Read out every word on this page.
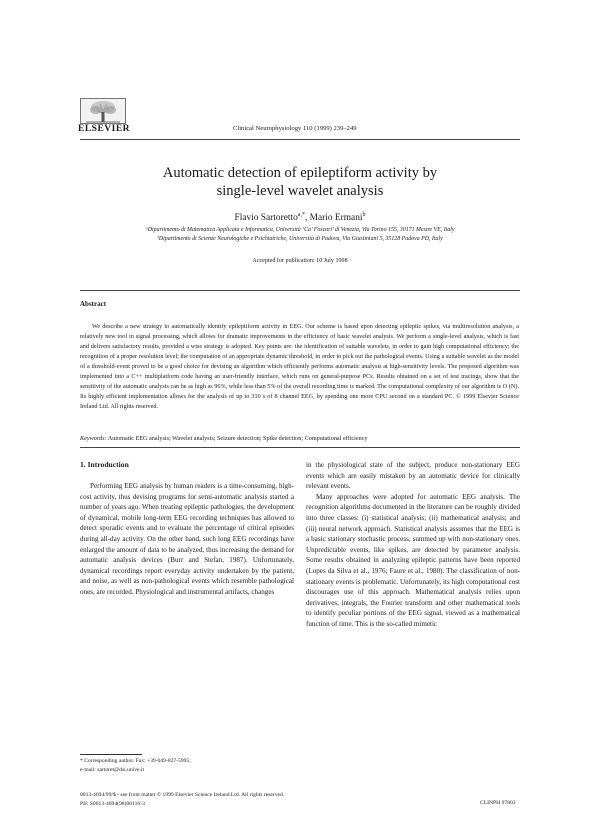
ELSEVIER	Clinical Neurophysiology 110 (1999) 239–249
Automatic detection of epileptiform activity by
single-level wavelet analysis
Flavio Sartoretto$^{a,*}$, Mario Ermani$^b$
ᵃDipartimento di Matematica Applicata e Informatica, Università ‘Ca’ Foscari’ di Venezia, Via Torino 155, 30171 Mestre VE, Italy
ᵇDipartimento di Scienze Neurologiche e Psichiatriche, Università di Padova, Via Giustiniani 5, 35128 Padova PD, Italy
Accepted for publication: 10 July 1998
Abstract
We describe a new strategy to automatically identify epileptiform activity in EEG. Our scheme is based upon detecting epileptic spikes, via multiresolution analysis, a relatively new tool in signal processing, which allows for dramatic improvements in the efficiency of basic wavelet analysis. We perform a single-level analysis, which is fast and delivers satisfactory results, provided a wise strategy is adopted. Key points are: the identification of suitable wavelets, in order to gain high computational efficiency; the recognition of a proper resolution level; the computation of an appropriate dynamic threshold, in order to pick out the pathological events. Using a suitable wavelet as the model of a threshold-event proved to be a good choice for devising an algorithm which efficiently performs automatic analysis at high-sensitivity levels. The proposed algorithm was implemented into a C++ multiplatform code having an user-friendly interface, which runs on general-purpose PCs. Results obtained on a set of test tracings, show that the sensitivity of the automatic analysis can be as high as 96%, while less than 5% of the overall recording time is marked. The computational complexity of our algorithm is O (N). Its highly efficient implementation allows for the analysis of up to 310 s of 8 channel EEG, by spending one more CPU second on a standard PC. © 1999 Elsevier Science Ireland Ltd. All rights reserved.
Keywords: Automatic EEG analysis; Wavelet analysis; Seizure detection; Spike detection; Computational efficiency
1. Introduction

Performing EEG analysis by human readers is a time-consuming, high-cost activity, thus devising programs for semi-automatic analysis started a number of years ago. When treating epileptic pathologies, the development of dynamical, mobile long-term EEG recording techniques has allowed to detect sporadic events and to evaluate the percentage of critical episodes during all-day activity. On the other hand, such long EEG recordings have enlarged the amount of data to be analyzed, thus increasing the demand for automatic analysis devices (Burr and Stefan, 1987). Unfortunately, dynamical recordings report everyday activity undertaken by the patient, and noise, as well as non-pathological events which resemble pathological ones, are recorded. Physiological and instrumental artifacts, changes

in the physiological state of the subject, produce non-stationary EEG events which are easily mistaken by an automatic device for clinically relevant events.

Many approaches were adopted for automatic EEG analysis. The recognition algorithms documented in the literature can be roughly divided into three classes: (i) statistical analysis; (ii) mathematical analysis; and (iii) neural network approach. Statistical analysis assumes that the EEG is a basic stationary stochastic process, summed up with non-stationary ones. Unpredictable events, like spikes, are detected by parameter analysis. Some results obtained in analyzing epileptic patterns have been reported (Lopes da Silva et al., 1976; Faure et al., 1980). The classification of non-stationary events is problematic. Unfortunately, its high computational cost discourages use of this approach. Mathematical analysis relies upon derivatives, integrals, the Fourier transform and other mathematical tools to identify peculiar portions of the EEG signal, viewed as a mathematical function of time. This is the so-called mimetic

* Corresponding author. Fax: +39-049-827-5995;
e-mail: sartoret@dsi.unive.it
0013-4694/99/$ - see front matter © 1999 Elsevier Science Ireland Ltd. All rights reserved.
PII: S0013-4694(98)00116-3	CLINPH 97803
